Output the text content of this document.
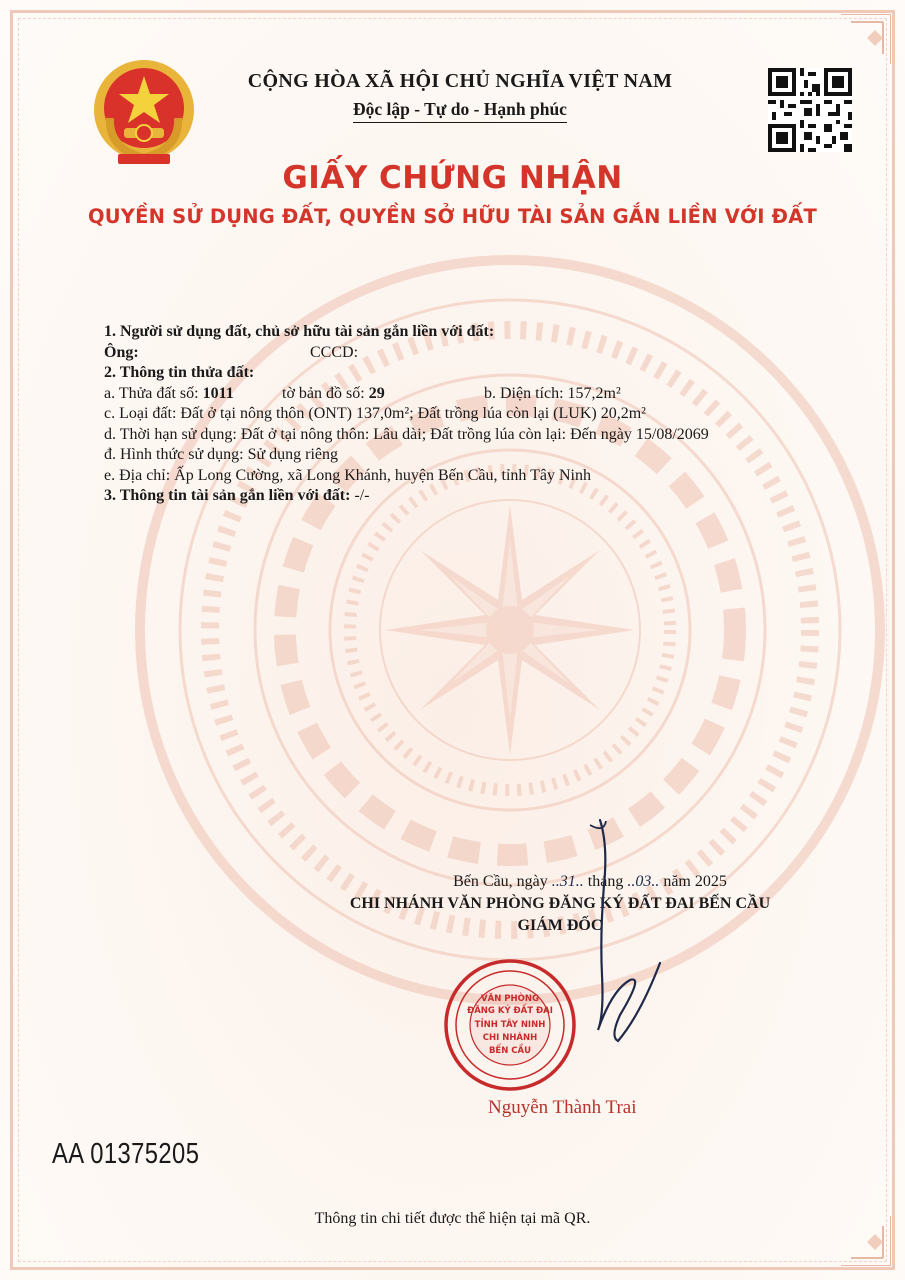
CỘNG HÒA XÃ HỘI CHỦ NGHĨA VIỆT NAM
Độc lập - Tự do - Hạnh phúc
GIẤY CHỨNG NHẬN
QUYỀN SỬ DỤNG ĐẤT, QUYỀN SỞ HỮU TÀI SẢN GẮN LIỀN VỚI ĐẤT
1. Người sử dụng đất, chủ sở hữu tài sản gắn liền với đất:
Ông:	CCCD:
2. Thông tin thửa đất:
a. Thửa đất số: 1011	tờ bản đồ số: 29	b. Diện tích: 157,2m²
c. Loại đất: Đất ở tại nông thôn (ONT) 137,0m²; Đất trồng lúa còn lại (LUK) 20,2m²
d. Thời hạn sử dụng: Đất ở tại nông thôn: Lâu dài; Đất trồng lúa còn lại: Đến ngày 15/08/2069
đ. Hình thức sử dụng: Sử dụng riêng
e. Địa chỉ: Ấp Long Cường, xã Long Khánh, huyện Bến Cầu, tỉnh Tây Ninh
3. Thông tin tài sản gắn liền với đất: -/-
Bến Cầu, ngày ..31.. tháng ..03.. năm 2025
CHI NHÁNH VĂN PHÒNG ĐĂNG KÝ ĐẤT ĐAI BẾN CẦU
GIÁM ĐỐC
VĂN PHÒNG
ĐĂNG KÝ ĐẤT ĐAI
TỈNH TÂY NINH
CHI NHÁNH
BẾN CẦU
Nguyễn Thành Trai
AA 01375205
Thông tin chi tiết được thể hiện tại mã QR.
